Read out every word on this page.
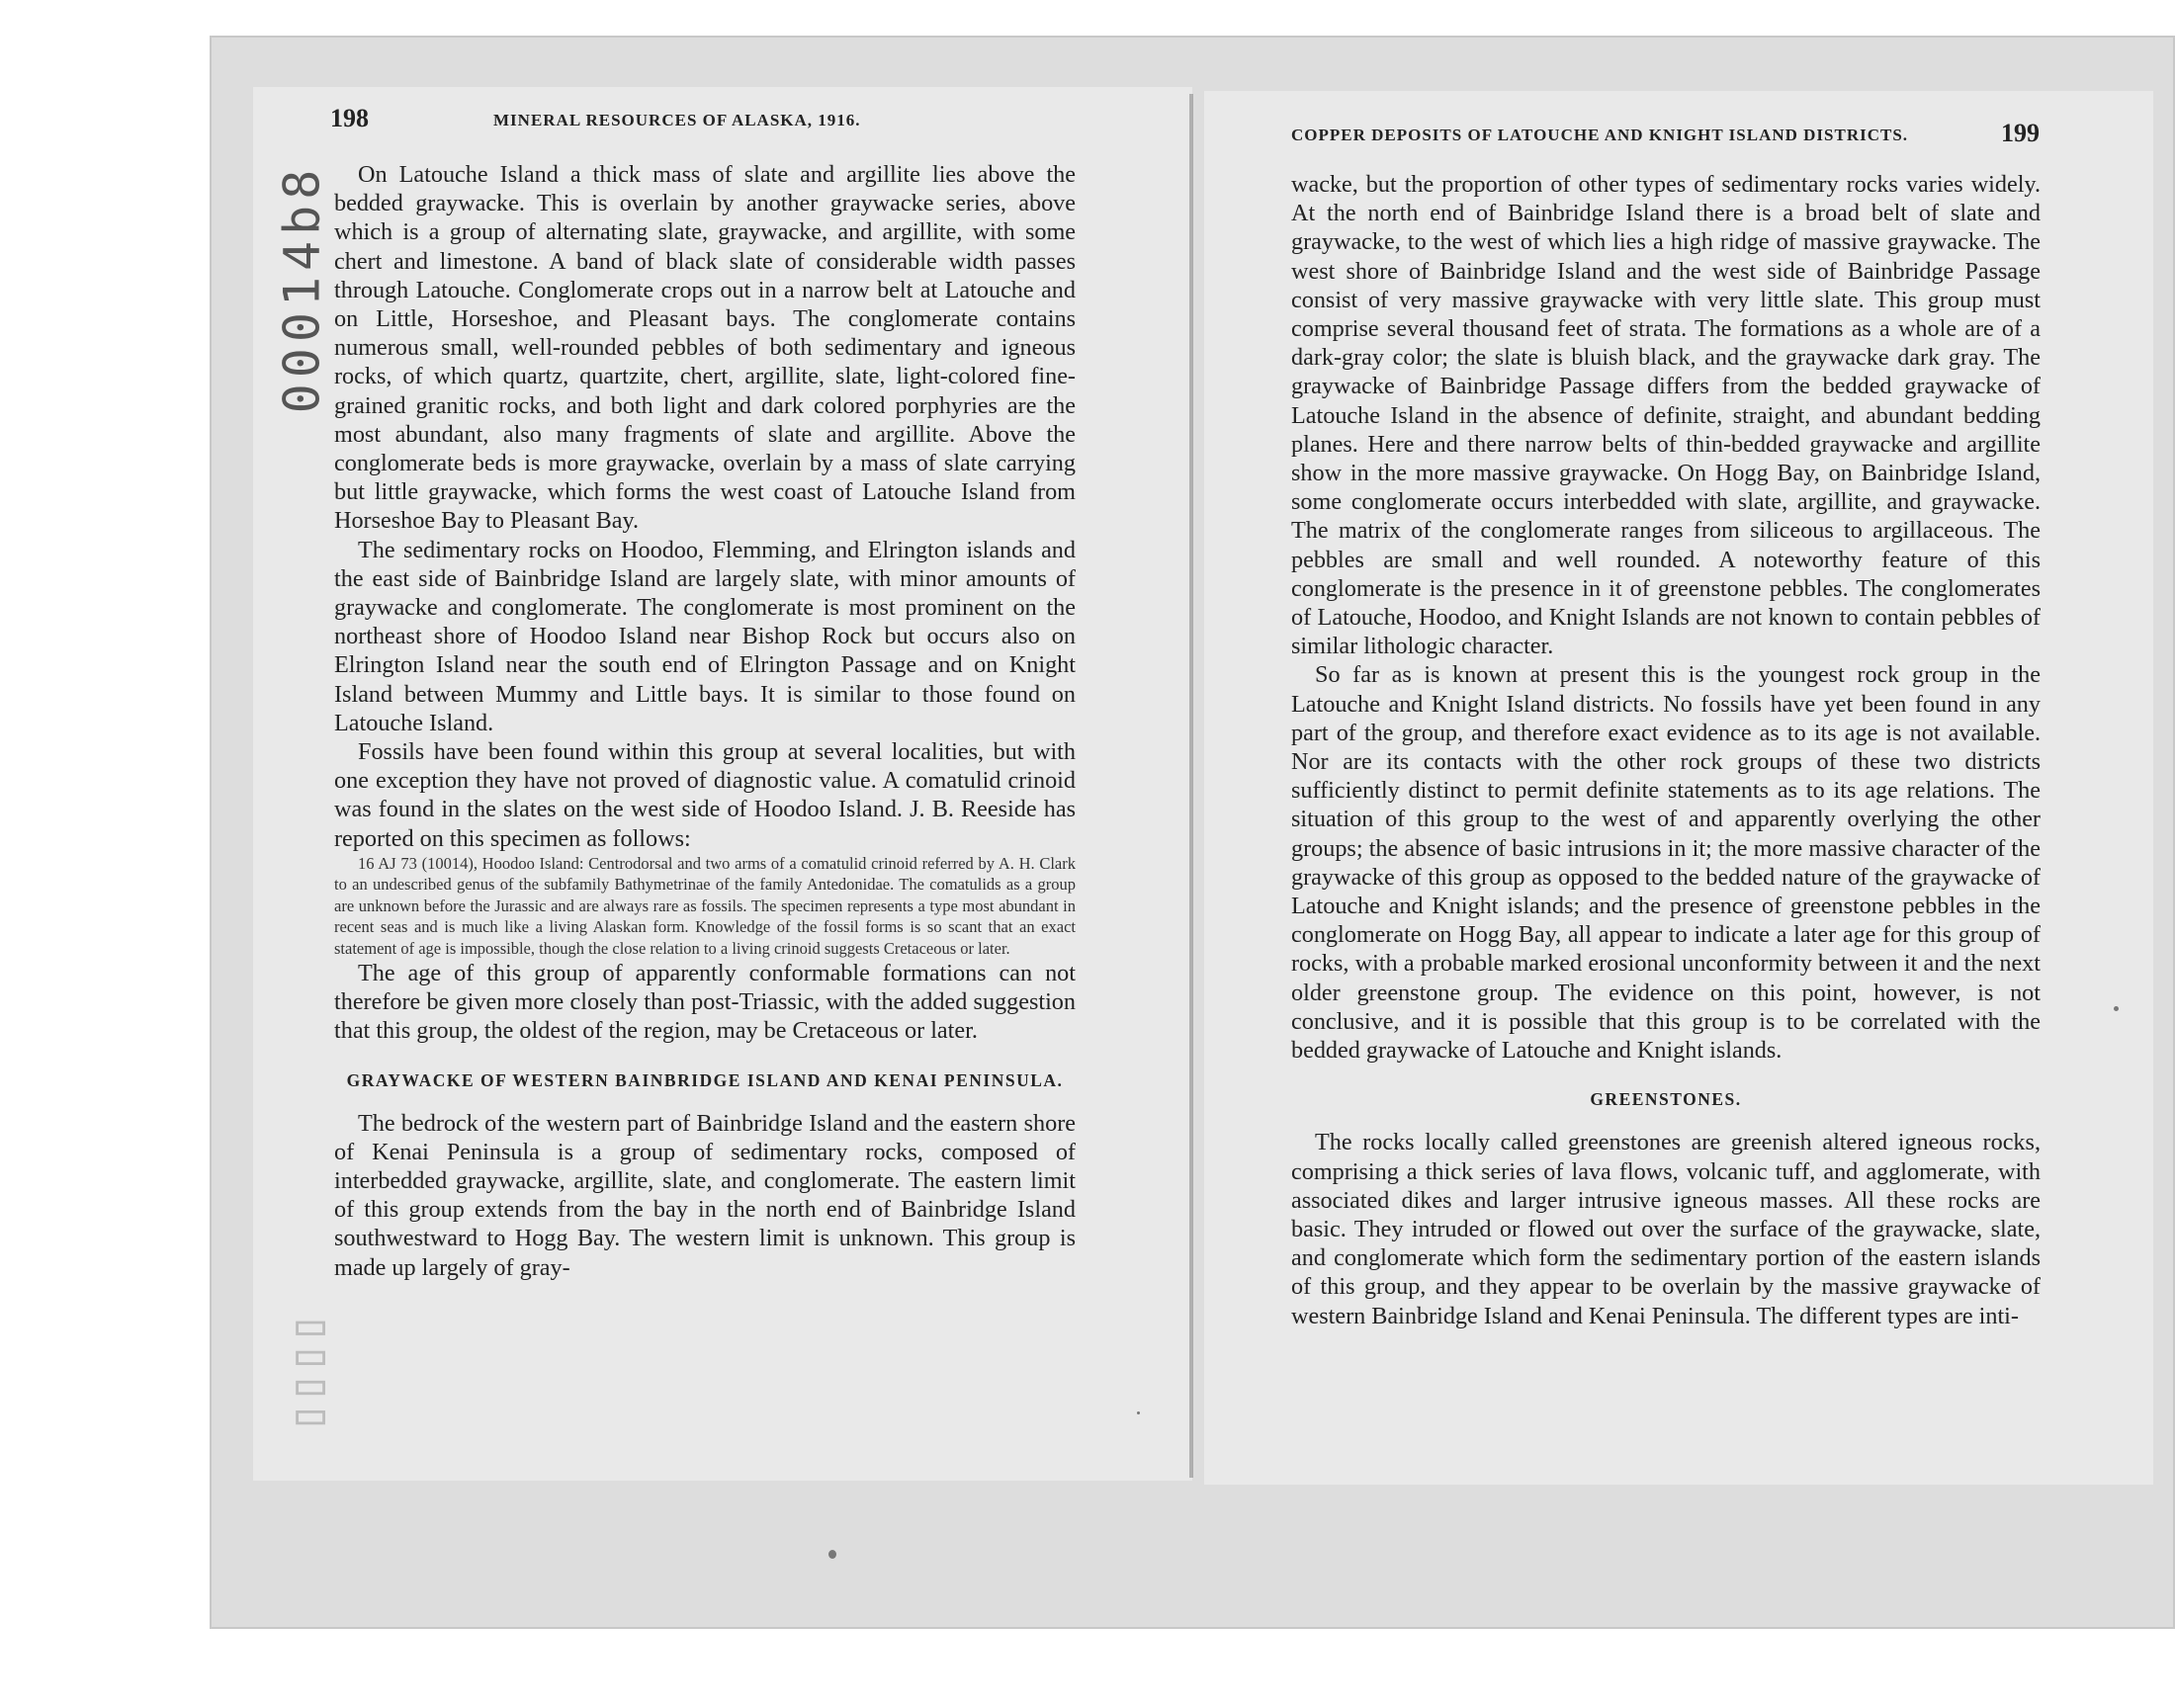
00014b8
▯▯▯▯
198	MINERAL RESOURCES OF ALASKA, 1916.

On Latouche Island a thick mass of slate and argillite lies above the bedded graywacke. This is overlain by another graywacke series, above which is a group of alternating slate, graywacke, and argillite, with some chert and limestone. A band of black slate of considerable width passes through Latouche. Conglomerate crops out in a narrow belt at Latouche and on Little, Horseshoe, and Pleasant bays. The conglomerate contains numerous small, well-rounded pebbles of both sedimentary and igneous rocks, of which quartz, quartzite, chert, argillite, slate, light-colored fine-grained granitic rocks, and both light and dark colored porphyries are the most abundant, also many fragments of slate and argillite. Above the conglomerate beds is more graywacke, overlain by a mass of slate carrying but little graywacke, which forms the west coast of Latouche Island from Horseshoe Bay to Pleasant Bay.

The sedimentary rocks on Hoodoo, Flemming, and Elrington islands and the east side of Bainbridge Island are largely slate, with minor amounts of graywacke and conglomerate. The conglomerate is most prominent on the northeast shore of Hoodoo Island near Bishop Rock but occurs also on Elrington Island near the south end of Elrington Passage and on Knight Island between Mummy and Little bays. It is similar to those found on Latouche Island.

Fossils have been found within this group at several localities, but with one exception they have not proved of diagnostic value. A comatulid crinoid was found in the slates on the west side of Hoodoo Island. J. B. Reeside has reported on this specimen as follows:

16 AJ 73 (10014), Hoodoo Island: Centrodorsal and two arms of a comatulid crinoid referred by A. H. Clark to an undescribed genus of the subfamily Bathymetrinae of the family Antedonidae. The comatulids as a group are unknown before the Jurassic and are always rare as fossils. The specimen represents a type most abundant in recent seas and is much like a living Alaskan form. Knowledge of the fossil forms is so scant that an exact statement of age is impossible, though the close relation to a living crinoid suggests Cretaceous or later.

The age of this group of apparently conformable formations can not therefore be given more closely than post-Triassic, with the added suggestion that this group, the oldest of the region, may be Cretaceous or later.

GRAYWACKE OF WESTERN BAINBRIDGE ISLAND AND KENAI PENINSULA.

The bedrock of the western part of Bainbridge Island and the eastern shore of Kenai Peninsula is a group of sedimentary rocks, composed of interbedded graywacke, argillite, slate, and conglomerate. The eastern limit of this group extends from the bay in the north end of Bainbridge Island southwestward to Hogg Bay. The western limit is unknown. This group is made up largely of gray-

COPPER DEPOSITS OF LATOUCHE AND KNIGHT ISLAND DISTRICTS.	199

wacke, but the proportion of other types of sedimentary rocks varies widely. At the north end of Bainbridge Island there is a broad belt of slate and graywacke, to the west of which lies a high ridge of massive graywacke. The west shore of Bainbridge Island and the west side of Bainbridge Passage consist of very massive graywacke with very little slate. This group must comprise several thousand feet of strata. The formations as a whole are of a dark-gray color; the slate is bluish black, and the graywacke dark gray. The graywacke of Bainbridge Passage differs from the bedded graywacke of Latouche Island in the absence of definite, straight, and abundant bedding planes. Here and there narrow belts of thin-bedded graywacke and argillite show in the more massive graywacke. On Hogg Bay, on Bainbridge Island, some conglomerate occurs interbedded with slate, argillite, and graywacke. The matrix of the conglomerate ranges from siliceous to argillaceous. The pebbles are small and well rounded. A noteworthy feature of this conglomerate is the presence in it of greenstone pebbles. The conglomerates of Latouche, Hoodoo, and Knight Islands are not known to contain pebbles of similar lithologic character.

So far as is known at present this is the youngest rock group in the Latouche and Knight Island districts. No fossils have yet been found in any part of the group, and therefore exact evidence as to its age is not available. Nor are its contacts with the other rock groups of these two districts sufficiently distinct to permit definite statements as to its age relations. The situation of this group to the west of and apparently overlying the other groups; the absence of basic intrusions in it; the more massive character of the graywacke of this group as opposed to the bedded nature of the graywacke of Latouche and Knight islands; and the presence of greenstone pebbles in the conglomerate on Hogg Bay, all appear to indicate a later age for this group of rocks, with a probable marked erosional unconformity between it and the next older greenstone group. The evidence on this point, however, is not conclusive, and it is possible that this group is to be correlated with the bedded graywacke of Latouche and Knight islands.

GREENSTONES.

The rocks locally called greenstones are greenish altered igneous rocks, comprising a thick series of lava flows, volcanic tuff, and agglomerate, with associated dikes and larger intrusive igneous masses. All these rocks are basic. They intruded or flowed out over the surface of the graywacke, slate, and conglomerate which form the sedimentary portion of the eastern islands of this group, and they appear to be overlain by the massive graywacke of western Bainbridge Island and Kenai Peninsula. The different types are inti-
